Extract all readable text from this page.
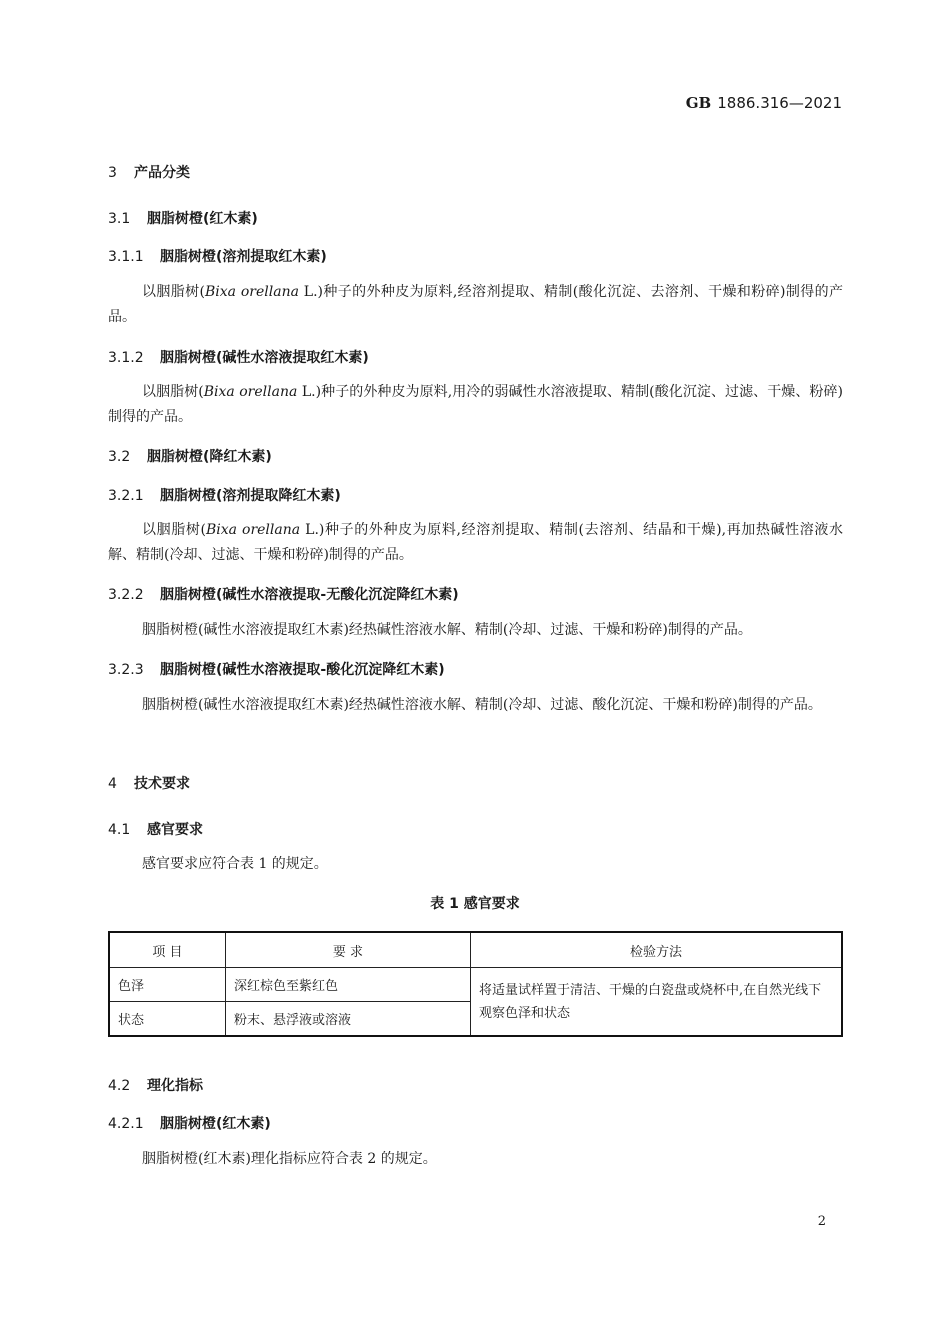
GB 1886.316—2021
3 产品分类
3.1 胭脂树橙(红木素)
3.1.1 胭脂树橙(溶剂提取红木素)
以胭脂树(Bixa orellana L.)种子的外种皮为原料,经溶剂提取、精制(酸化沉淀、去溶剂、干燥和粉碎)制得的产品。
3.1.2 胭脂树橙(碱性水溶液提取红木素)
以胭脂树(Bixa orellana L.)种子的外种皮为原料,用冷的弱碱性水溶液提取、精制(酸化沉淀、过滤、干燥、粉碎)制得的产品。
3.2 胭脂树橙(降红木素)
3.2.1 胭脂树橙(溶剂提取降红木素)
以胭脂树(Bixa orellana L.)种子的外种皮为原料,经溶剂提取、精制(去溶剂、结晶和干燥),再加热碱性溶液水解、精制(冷却、过滤、干燥和粉碎)制得的产品。
3.2.2 胭脂树橙(碱性水溶液提取-无酸化沉淀降红木素)
胭脂树橙(碱性水溶液提取红木素)经热碱性溶液水解、精制(冷却、过滤、干燥和粉碎)制得的产品。
3.2.3 胭脂树橙(碱性水溶液提取-酸化沉淀降红木素)
胭脂树橙(碱性水溶液提取红木素)经热碱性溶液水解、精制(冷却、过滤、酸化沉淀、干燥和粉碎)制得的产品。
4 技术要求
4.1 感官要求
感官要求应符合表 1 的规定。
表 1 感官要求
项 目	要 求	检验方法
色泽	深红棕色至紫红色	将适量试样置于清洁、干燥的白瓷盘或烧杯中,在自然光线下观察色泽和状态
状态	粉末、悬浮液或溶液	
4.2 理化指标
4.2.1 胭脂树橙(红木素)
胭脂树橙(红木素)理化指标应符合表 2 的规定。
2
